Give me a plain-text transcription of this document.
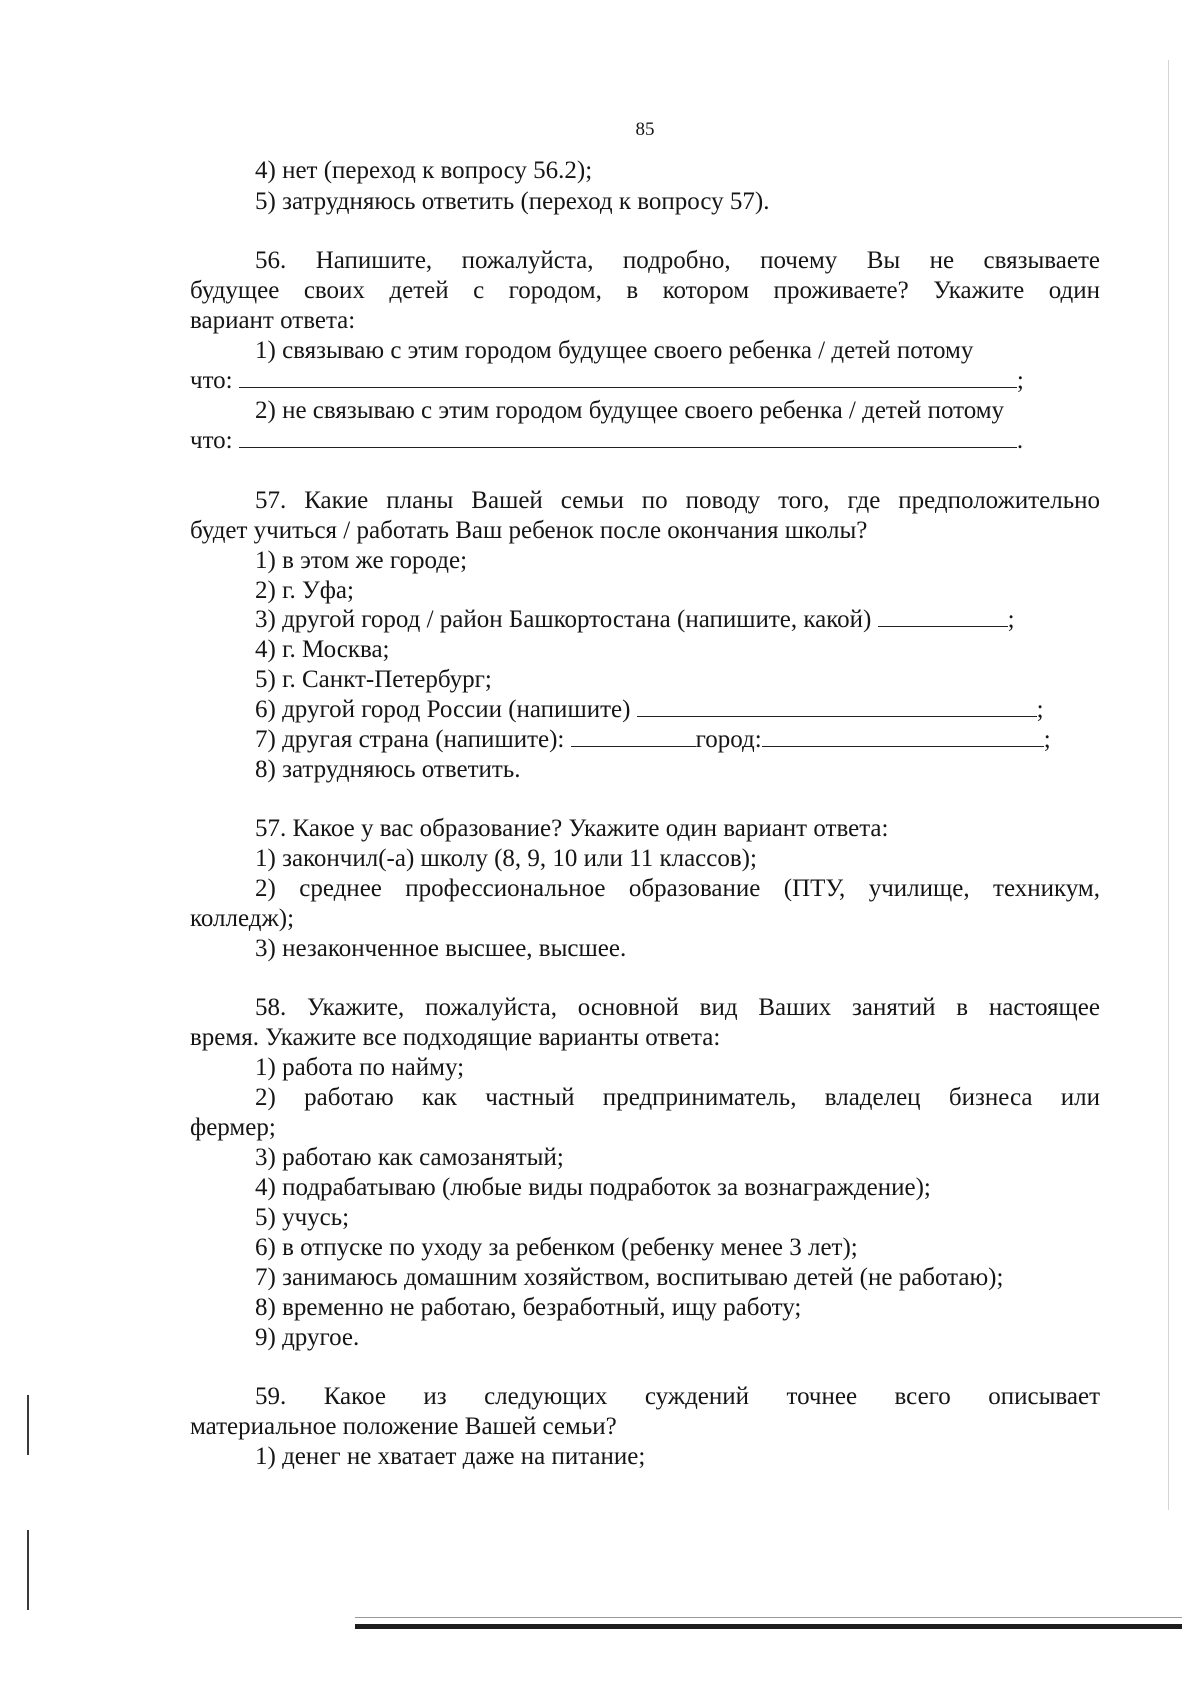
85
4) нет (переход к вопросу 56.2);
5) затрудняюсь ответить (переход к вопросу 57).
56. Напишите, пожалуйста, подробно, почему Вы не связываете
будущее своих детей с городом, в котором проживаете? Укажите один
вариант ответа:
1) связываю с этим городом будущее своего ребенка / детей потому
что:	;
2) не связываю с этим городом будущее своего ребенка / детей потому
что:	.
57. Какие планы Вашей семьи по поводу того, где предположительно
будет учиться / работать Ваш ребенок после окончания школы?
1) в этом же городе;
2) г. Уфа;
3) другой город / район Башкортостана (напишите, какой)	;
4) г. Москва;
5) г. Санкт-Петербург;
6) другой город России (напишите)	;
7) другая страна (напишите):	город:	;
8) затрудняюсь ответить.
57. Какое у вас образование? Укажите один вариант ответа:
1) закончил(-а) школу (8, 9, 10 или 11 классов);
2) среднее профессиональное образование (ПТУ, училище, техникум,
колледж);
3) незаконченное высшее, высшее.
58. Укажите, пожалуйста, основной вид Ваших занятий в настоящее
время. Укажите все подходящие варианты ответа:
1) работа по найму;
2) работаю как частный предприниматель, владелец бизнеса или
фермер;
3) работаю как самозанятый;
4) подрабатываю (любые виды подработок за вознаграждение);
5) учусь;
6) в отпуске по уходу за ребенком (ребенку менее 3 лет);
7) занимаюсь домашним хозяйством, воспитываю детей (не работаю);
8) временно не работаю, безработный, ищу работу;
9) другое.
59. Какое из следующих суждений точнее всего описывает
материальное положение Вашей семьи?
1) денег не хватает даже на питание;
